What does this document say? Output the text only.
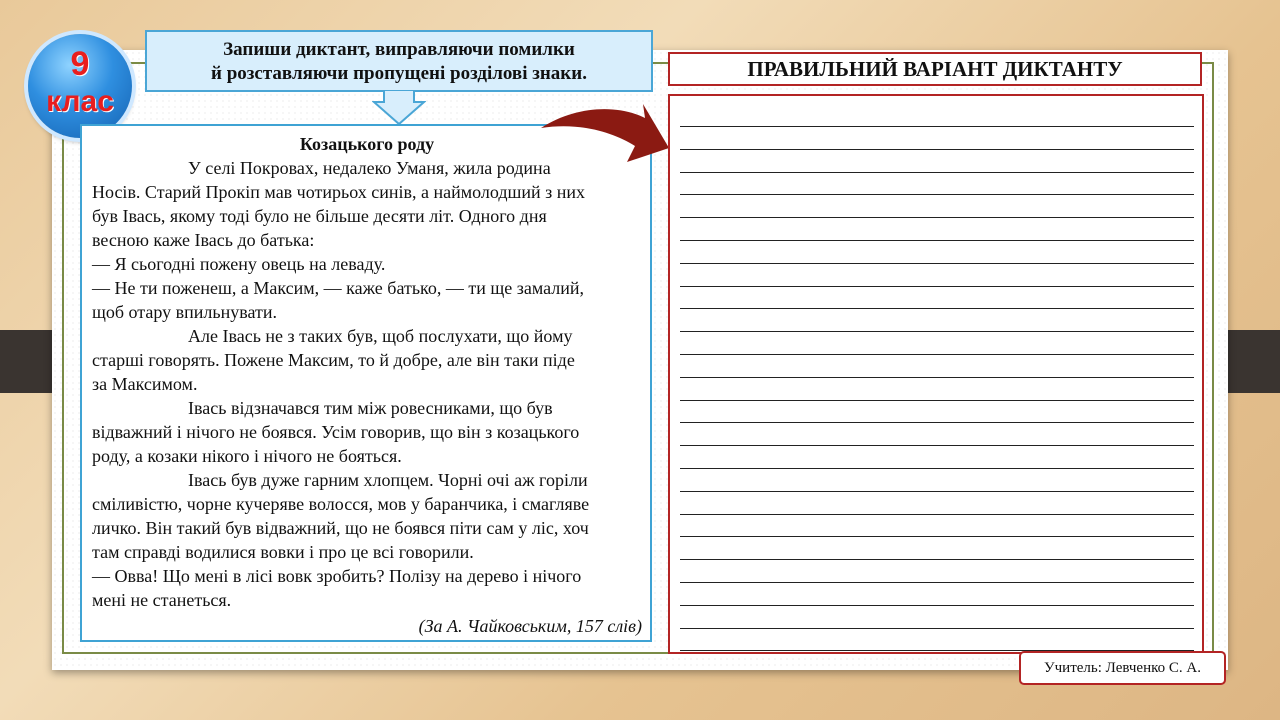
9
клас
Запиши диктант, виправляючи помилки
й розставляючи пропущені розділові знаки.
Козацького роду

У селі Покровах, недалеко Уманя, жила родина

Носів. Старий Прокіп мав чотирьох синів, а наймолодший з них

був Івась, якому тоді було не більше десяти літ. Одного дня

весною каже Івась до батька:

— Я сьогодні пожену овець на леваду.

— Не ти поженеш, а Максим, — каже батько, — ти ще замалий,

щоб отару впильнувати.

Але Івась не з таких був, щоб послухати, що йому

старші говорять. Пожене Максим, то й добре, але він таки піде

за Максимом.

Івась відзначався тим між ровесниками, що був

відважний і нічого не боявся. Усім говорив, що він з козацького

роду, а козаки нікого і нічого не бояться.

Івась був дуже гарним хлопцем. Чорні очі аж горіли

сміливістю, чорне кучеряве волосся, мов у баранчика, і смагляве

личко. Він такий був відважний, що не боявся піти сам у ліс, хоч

там справді водилися вовки і про це всі говорили.

— Овва! Що мені в лісі вовк зробить? Полізу на дерево і нічого

мені не станеться.

(За А. Чайковським, 157 слів)
ПРАВИЛЬНИЙ ВАРІАНТ ДИКТАНТУ
Учитель: Левченко С. А.
